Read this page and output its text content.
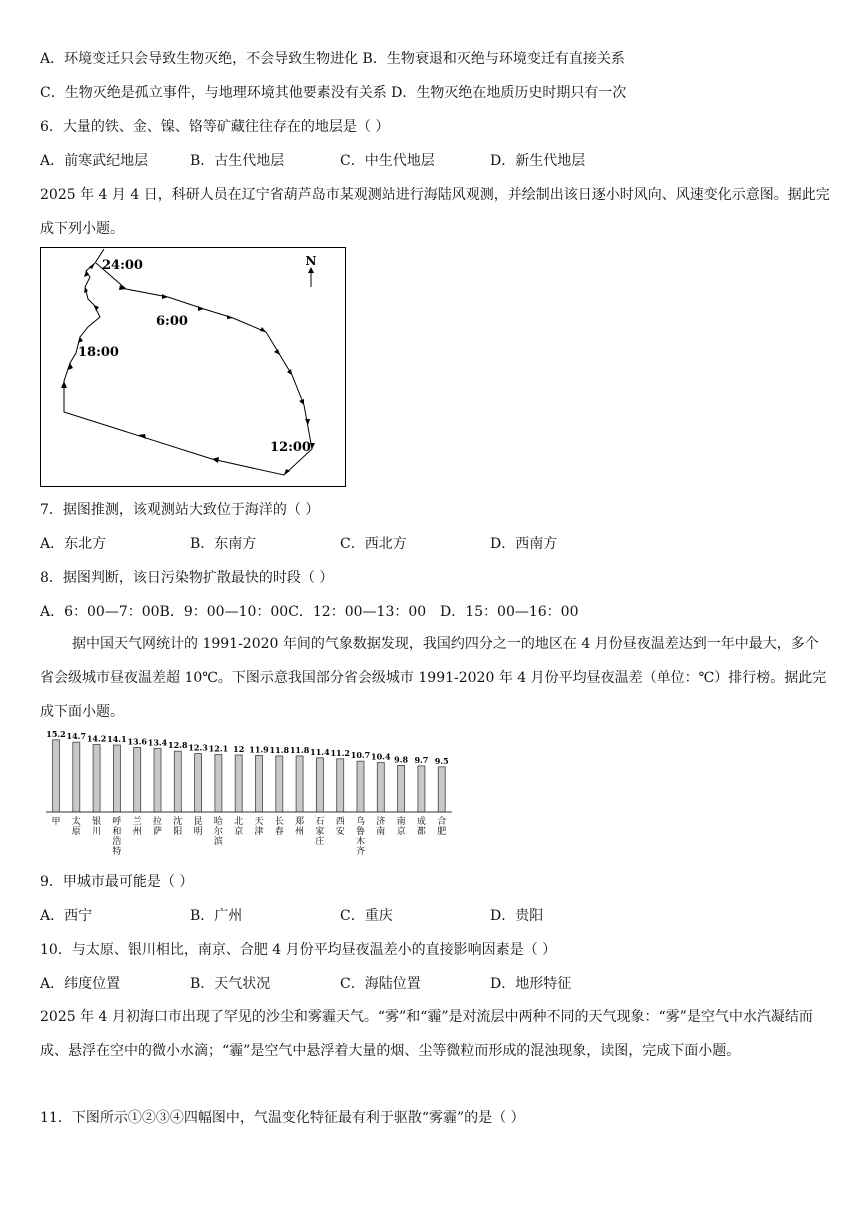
A．环境变迁只会导致生物灭绝，不会导致生物进化 B．生物衰退和灭绝与环境变迁有直接关系
C．生物灭绝是孤立事件，与地理环境其他要素没有关系 D．生物灭绝在地质历史时期只有一次
6．大量的铁、金、镍、铬等矿藏往往存在的地层是（ ）
A．前寒武纪地层	B．古生代地层	C．中生代地层	D．新生代地层
2025 年 4 月 4 日，科研人员在辽宁省葫芦岛市某观测站进行海陆风观测，并绘制出该日逐小时风向、风速变化示意图。据此完成下列小题。
N
24:00
6:00
18:00
12:00
7．据图推测，该观测站大致位于海洋的（ ）
A．东北方	B．东南方	C．西北方	D．西南方
8．据图判断，该日污染物扩散最快的时段（ ）
A．6：00—7：00B．9：00—10：00C．12：00—13：00 D．15：00—16：00
据中国天气网统计的 1991-2020 年间的气象数据发现，我国约四分之一的地区在 4 月份昼夜温差达到一年中最大，多个省会级城市昼夜温差超 10℃。下图示意我国部分省会级城市 1991-2020 年 4 月份平均昼夜温差（单位：℃）排行榜。据此完成下面小题。
15.2
甲
14.7
太原
14.2
银川
14.1
呼和浩特
13.6
兰州
13.4
拉萨
12.8
沈阳
12.3
昆明
12.1
哈尔滨
12
北京
11.9
天津
11.8
长春
11.8
郑州
11.4
石家庄
11.2
西安
10.7
乌鲁木齐
10.4
济南
9.8
南京
9.7
成都
9.5
合肥
9．甲城市最可能是（ ）
A．西宁	B．广州	C．重庆	D．贵阳
10．与太原、银川相比，南京、合肥 4 月份平均昼夜温差小的直接影响因素是（ ）
A．纬度位置	B．天气状况	C．海陆位置	D．地形特征
2025 年 4 月初海口市出现了罕见的沙尘和雾霾天气。“雾”和“霾”是对流层中两种不同的天气现象：“雾”是空气中水汽凝结而成、悬浮在空中的微小水滴；“霾”是空气中悬浮着大量的烟、尘等微粒而形成的混浊现象，读图，完成下面小题。
11．下图所示①②③④四幅图中，气温变化特征最有利于驱散“雾霾”的是（ ）
